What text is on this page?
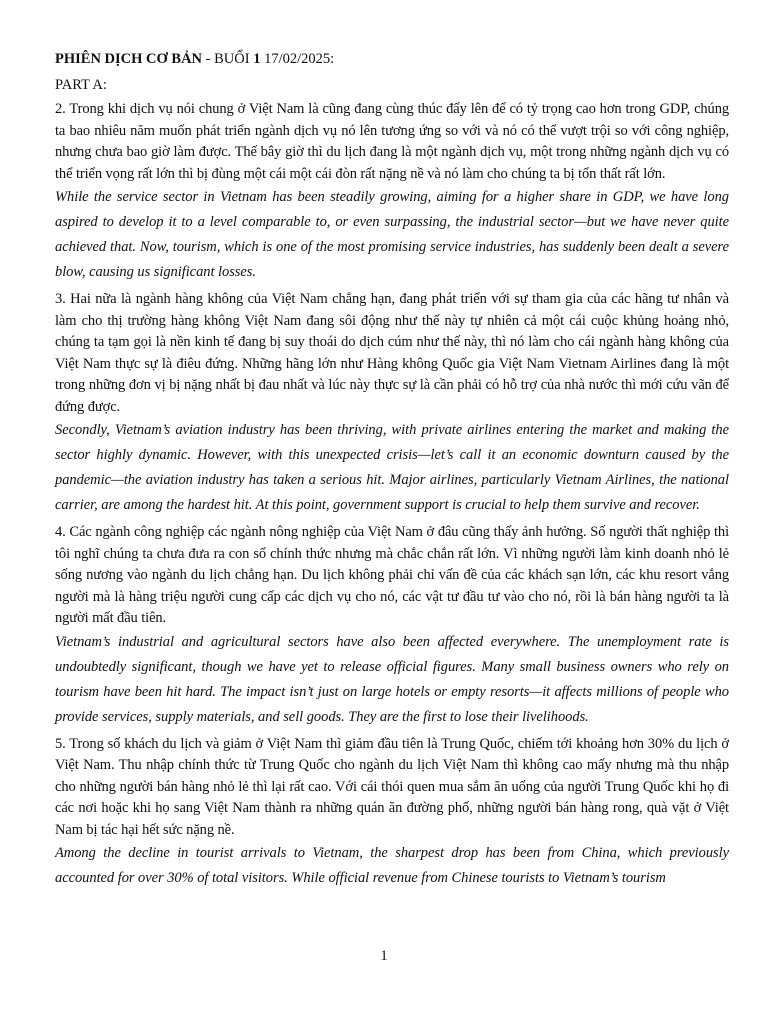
PHIÊN DỊCH CƠ BẢN - BUỔI 1 17/02/2025:

PART A:

2. Trong khi dịch vụ nói chung ở Việt Nam là cũng đang cùng thúc đẩy lên để có tỷ trọng cao hơn trong GDP, chúng ta bao nhiêu năm muốn phát triển ngành dịch vụ nó lên tương ứng so với và nó có thể vượt trội so với công nghiệp, nhưng chưa bao giờ làm được. Thế bây giờ thì du lịch đang là một ngành dịch vụ, một trong những ngành dịch vụ có thể triển vọng rất lớn thì bị đùng một cái một cái đòn rất nặng nề và nó làm cho chúng ta bị tổn thất rất lớn.

While the service sector in Vietnam has been steadily growing, aiming for a higher share in GDP, we have long aspired to develop it to a level comparable to, or even surpassing, the industrial sector—but we have never quite achieved that. Now, tourism, which is one of the most promising service industries, has suddenly been dealt a severe blow, causing us significant losses.

3. Hai nữa là ngành hàng không của Việt Nam chẳng hạn, đang phát triển với sự tham gia của các hãng tư nhân và làm cho thị trường hàng không Việt Nam đang sôi động như thế này tự nhiên cả một cái cuộc khủng hoảng nhỏ, chúng ta tạm gọi là nền kinh tế đang bị suy thoái do dịch cúm như thế này, thì nó làm cho cái ngành hàng không của Việt Nam thực sự là điêu đứng. Những hãng lớn như Hàng không Quốc gia Việt Nam Vietnam Airlines đang là một trong những đơn vị bị nặng nhất bị đau nhất và lúc này thực sự là cần phải có hỗ trợ của nhà nước thì mới cứu vãn để đứng được.

Secondly, Vietnam’s aviation industry has been thriving, with private airlines entering the market and making the sector highly dynamic. However, with this unexpected crisis—let’s call it an economic downturn caused by the pandemic—the aviation industry has taken a serious hit. Major airlines, particularly Vietnam Airlines, the national carrier, are among the hardest hit. At this point, government support is crucial to help them survive and recover.

4. Các ngành công nghiệp các ngành nông nghiệp của Việt Nam ở đâu cũng thấy ảnh hưởng. Số người thất nghiệp thì tôi nghĩ chúng ta chưa đưa ra con số chính thức nhưng mà chắc chắn rất lớn. Vì những người làm kinh doanh nhỏ lẻ sống nương vào ngành du lịch chẳng hạn. Du lịch không phải chỉ vấn đề của các khách sạn lớn, các khu resort vắng người mà là hàng triệu người cung cấp các dịch vụ cho nó, các vật tư đầu tư vào cho nó, rồi là bán hàng người ta là người mất đầu tiên.

Vietnam’s industrial and agricultural sectors have also been affected everywhere. The unemployment rate is undoubtedly significant, though we have yet to release official figures. Many small business owners who rely on tourism have been hit hard. The impact isn’t just on large hotels or empty resorts—it affects millions of people who provide services, supply materials, and sell goods. They are the first to lose their livelihoods.

5. Trong số khách du lịch và giảm ở Việt Nam thì giảm đầu tiên là Trung Quốc, chiếm tới khoảng hơn 30% du lịch ở Việt Nam. Thu nhập chính thức từ Trung Quốc cho ngành du lịch Việt Nam thì không cao mấy nhưng mà thu nhập cho những người bán hàng nhỏ lẻ thì lại rất cao. Với cái thói quen mua sắm ăn uống của người Trung Quốc khi họ đi các nơi hoặc khi họ sang Việt Nam thành ra những quán ăn đường phố, những người bán hàng rong, quà vặt ở Việt Nam bị tác hại hết sức nặng nề.

Among the decline in tourist arrivals to Vietnam, the sharpest drop has been from China, which previously accounted for over 30% of total visitors. While official revenue from Chinese tourists to Vietnam’s tourism

1
